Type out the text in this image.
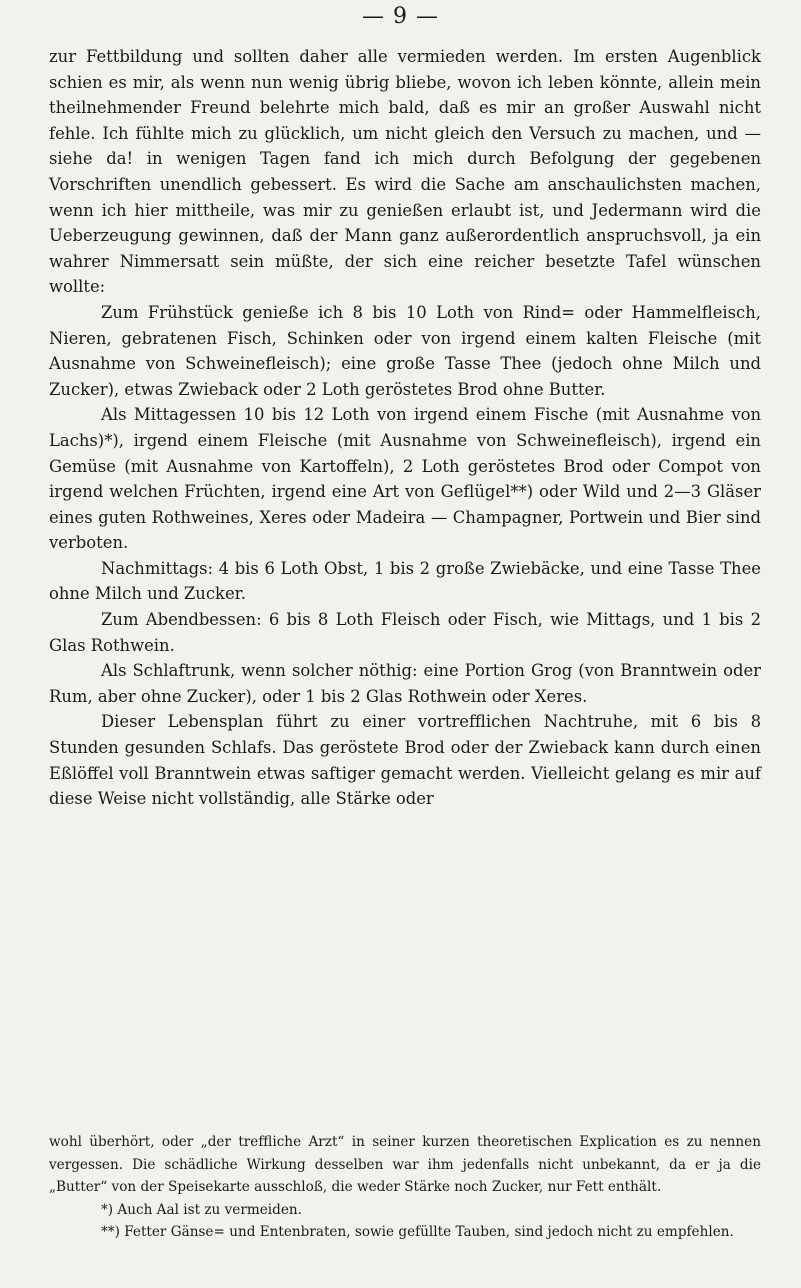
— 9 —

zur Fettbildung und sollten daher alle vermieden werden. Im ersten Augenblick schien es mir, als wenn nun wenig übrig bliebe, wovon ich leben könnte, allein mein theilnehmender Freund belehrte mich bald, daß es mir an großer Auswahl nicht fehle. Ich fühlte mich zu glücklich, um nicht gleich den Versuch zu machen, und — siehe da! in wenigen Tagen fand ich mich durch Befolgung der gegebenen Vorschriften unendlich gebessert. Es wird die Sache am anschaulichsten machen, wenn ich hier mittheile, was mir zu genießen erlaubt ist, und Jedermann wird die Ueberzeugung gewinnen, daß der Mann ganz außerordentlich anspruchsvoll, ja ein wahrer Nimmersatt sein müßte, der sich eine reicher besetzte Tafel wünschen wollte:

Zum Frühstück genieße ich 8 bis 10 Loth von Rind= oder Hammelfleisch, Nieren, gebratenen Fisch, Schinken oder von irgend einem kalten Fleische (mit Ausnahme von Schweinefleisch); eine große Tasse Thee (jedoch ohne Milch und Zucker), etwas Zwieback oder 2 Loth geröstetes Brod ohne Butter.

Als Mittagessen 10 bis 12 Loth von irgend einem Fische (mit Ausnahme von Lachs)*), irgend einem Fleische (mit Ausnahme von Schweinefleisch), irgend ein Gemüse (mit Ausnahme von Kartoffeln), 2 Loth geröstetes Brod oder Compot von irgend welchen Früchten, irgend eine Art von Geflügel**) oder Wild und 2—3 Gläser eines guten Rothweines, Xeres oder Madeira — Champagner, Portwein und Bier sind verboten.

Nachmittags: 4 bis 6 Loth Obst, 1 bis 2 große Zwiebäcke, und eine Tasse Thee ohne Milch und Zucker.

Zum Abendbessen: 6 bis 8 Loth Fleisch oder Fisch, wie Mittags, und 1 bis 2 Glas Rothwein.

Als Schlaftrunk, wenn solcher nöthig: eine Portion Grog (von Branntwein oder Rum, aber ohne Zucker), oder 1 bis 2 Glas Rothwein oder Xeres.

Dieser Lebensplan führt zu einer vortrefflichen Nachtruhe, mit 6 bis 8 Stunden gesunden Schlafs. Das geröstete Brod oder der Zwieback kann durch einen Eßlöffel voll Branntwein etwas saftiger gemacht werden. Vielleicht gelang es mir auf diese Weise nicht vollständig, alle Stärke oder

wohl überhört, oder „der treffliche Arzt“ in seiner kurzen theoretischen Explication es zu nennen vergessen. Die schädliche Wirkung desselben war ihm jedenfalls nicht unbekannt, da er ja die „Butter“ von der Speisekarte ausschloß, die weder Stärke noch Zucker, nur Fett enthält.

*) Auch Aal ist zu vermeiden.

**) Fetter Gänse= und Entenbraten, sowie gefüllte Tauben, sind jedoch nicht zu empfehlen.
